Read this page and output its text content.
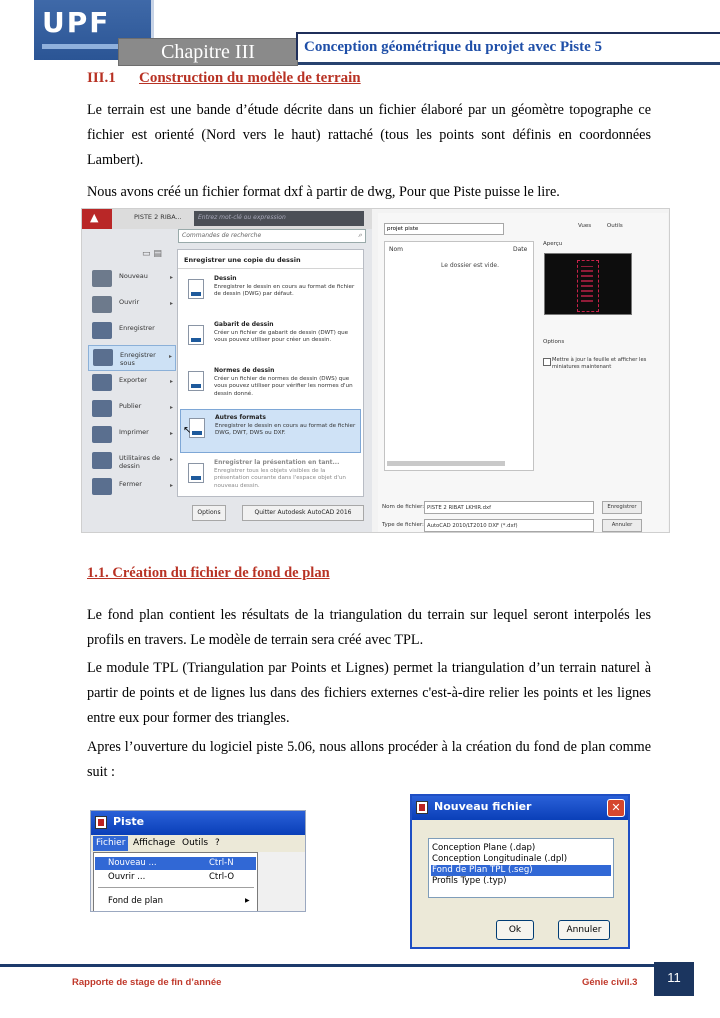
UPF
Chapitre III	Conception géométrique du projet avec Piste 5
III.1 Construction du modèle de terrain

Le terrain est une bande d’étude décrite dans un fichier élaboré par un géomètre topographe ce fichier est orienté (Nord vers le haut) rattaché (tous les points sont définis en coordonnées Lambert).

Nous avons créé un fichier format dxf à partir de dwg, Pour que Piste puisse le lire.

▲
PISTE 2 RIBA...	Entrez mot-clé ou expression
Commandes de recherche	⌕
▭ ▤
Nouveau	▸
Ouvrir	▸
Enregistrer
Enregistrer sous
▸
Exporter	▸
Publier	▸
Imprimer	▸
Utilitaires de dessin
▸
Fermer	▸
Enregistrer une copie du dessin
Dessin
Enregistrer le dessin en cours au format de fichier de dessin (DWG) par défaut.
Gabarit de dessin
Créer un fichier de gabarit de dessin (DWT) que vous pouvez utiliser pour créer un dessin.
Normes de dessin
Créer un fichier de normes de dessin (DWS) que vous pouvez utiliser pour vérifier les normes d'un dessin donné.
Autres formats
Enregistrer le dessin en cours au format de fichier DWG, DWT, DWS ou DXF.
Enregistrer la présentation en tant...
Enregistrer tous les objets visibles de la présentation courante dans l'espace objet d'un nouveau dessin.
↖
Options	Quitter Autodesk AutoCAD 2016
projet piste	Vues	Outils
Nom	Date
Le dossier est vide.
Aperçu
Options
Mettre à jour la feuille et afficher les miniatures maintenant
Nom de fichier: PISTE 2 RIBAT LKHIR.dxf	Enregistrer
Type de fichier: AutoCAD 2010/LT2010 DXF (*.dxf)	Annuler
1.1. Création du fichier de fond de plan

Le fond plan contient les résultats de la triangulation du terrain sur lequel seront interpolés les profils en travers. Le modèle de terrain sera créé avec TPL.

Le module TPL (Triangulation par Points et Lignes) permet la triangulation d’un terrain naturel à partir de points et de lignes lus dans des fichiers externes c'est-à-dire relier les points et les lignes entre eux pour former des triangles.

Apres l’ouverture du logiciel piste 5.06, nous allons procéder à la création du fond de plan comme suit :

Piste
Fichier Affichage Outils ?
Nouveau ...	Ctrl-N
Ouvrir ...	Ctrl-O
Fond de plan	▶
Nouveau fichier	✕
Conception Plane (.dap)
Conception Longitudinale (.dpl)
Fond de Plan TPL (.seg)
Profils Type (.typ)
Ok	Annuler
Rapporte de stage de fin d’année	Génie civil.3	11
